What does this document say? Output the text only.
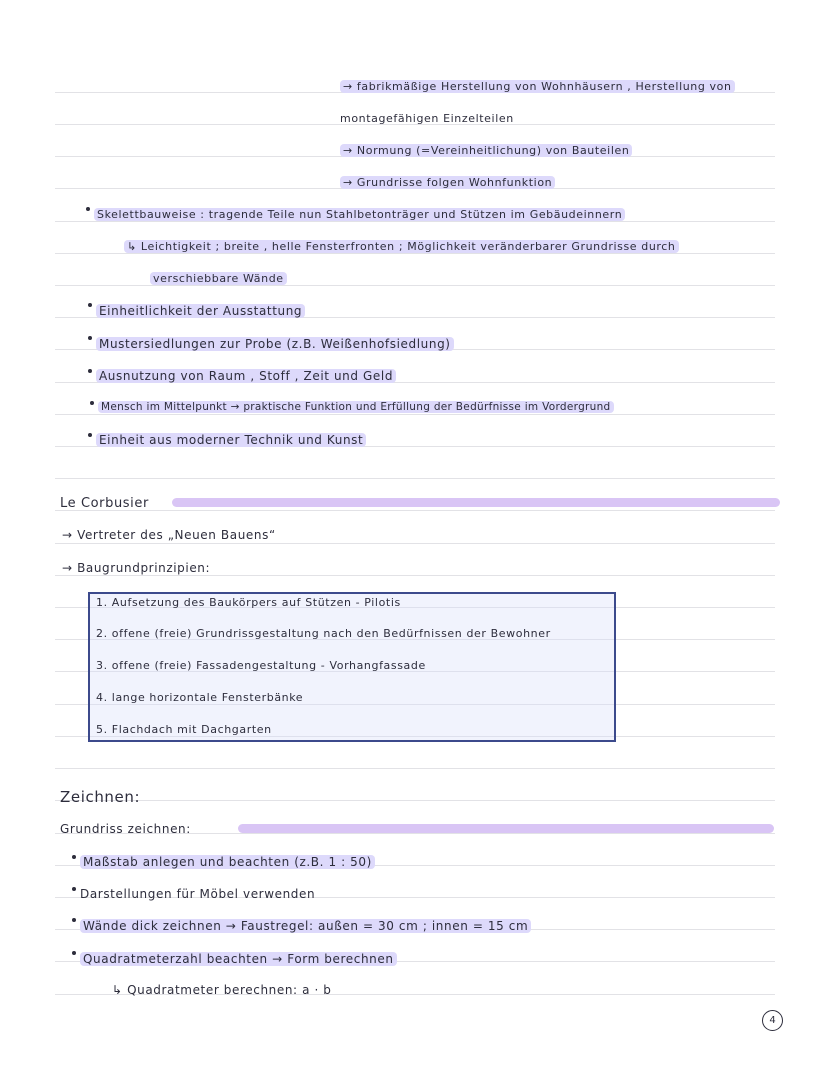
→ fabrikmäßige Herstellung von Wohnhäusern , Herstellung von
montagefähigen Einzelteilen
→ Normung (=Vereinheitlichung) von Bauteilen
→ Grundrisse folgen Wohnfunktion
Skelettbauweise : tragende Teile nun Stahlbetonträger und Stützen im Gebäudeinnern
↳ Leichtigkeit ; breite , helle Fensterfronten ; Möglichkeit veränderbarer Grundrisse durch
verschiebbare Wände
Einheitlichkeit der Ausstattung
Mustersiedlungen zur Probe (z.B. Weißenhofsiedlung)
Ausnutzung von Raum , Stoff , Zeit und Geld
Mensch im Mittelpunkt → praktische Funktion und Erfüllung der Bedürfnisse im Vordergrund
Einheit aus moderner Technik und Kunst
Le Corbusier
→ Vertreter des „Neuen Bauens“
→ Baugrundprinzipien:
1. Aufsetzung des Baukörpers auf Stützen - Pilotis
2. offene (freie) Grundrissgestaltung nach den Bedürfnissen der Bewohner
3. offene (freie) Fassadengestaltung - Vorhangfassade
4. lange horizontale Fensterbänke
5. Flachdach mit Dachgarten
Zeichnen:
Grundriss zeichnen:
Maßstab anlegen und beachten (z.B. 1 : 50)
Darstellungen für Möbel verwenden
Wände dick zeichnen → Faustregel: außen = 30 cm ; innen = 15 cm
Quadratmeterzahl beachten → Form berechnen
↳ Quadratmeter berechnen: a · b
4
